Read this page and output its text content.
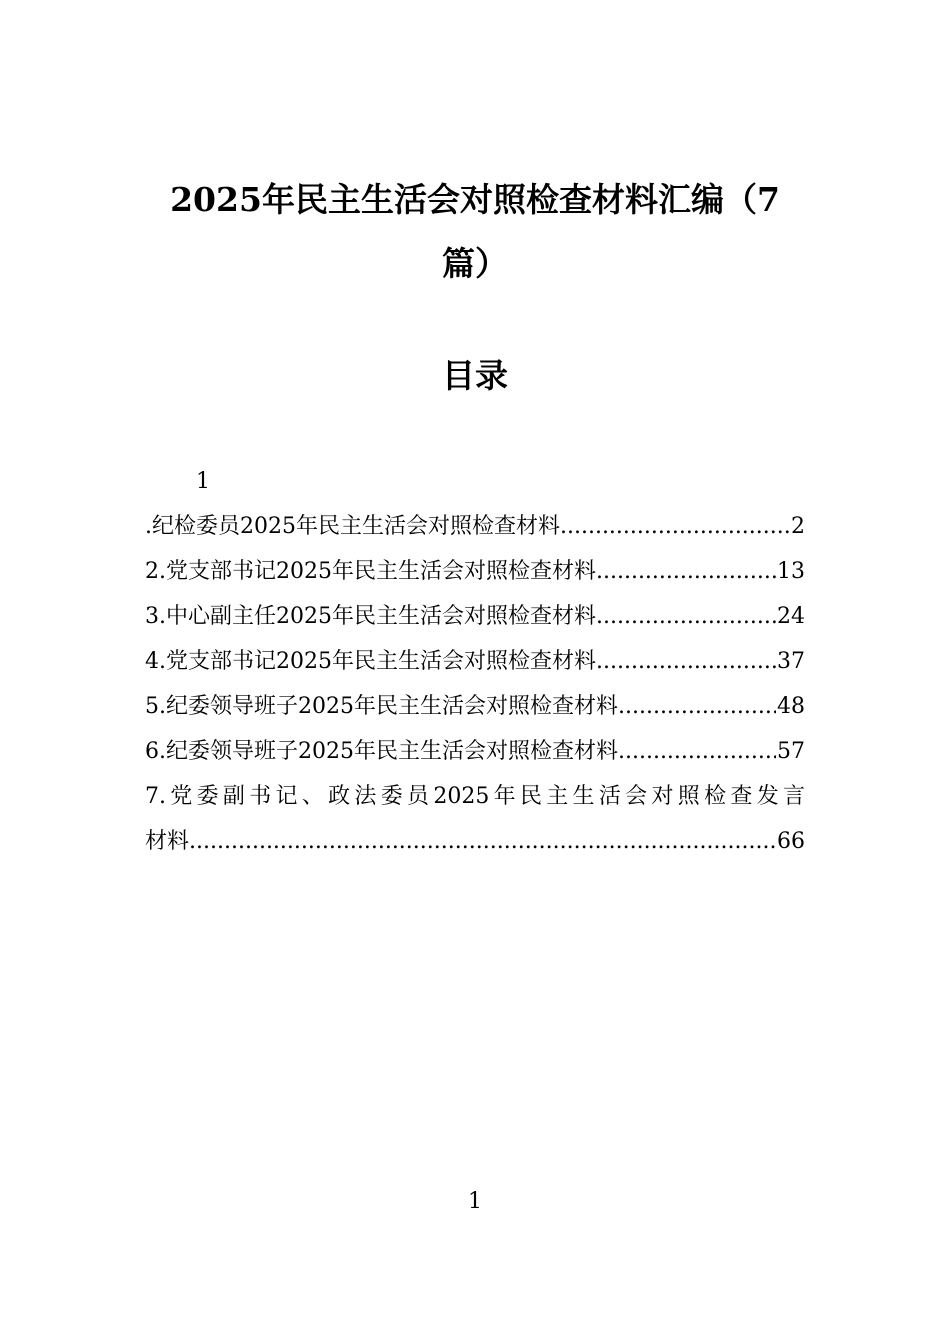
2025年民主生活会对照检查材料汇编（7
篇）
目录
1
.纪检委员2025年民主生活会对照检查材料 .....	2
2.党支部书记2025年民主生活会对照检查材料 .....	13
3.中心副主任2025年民主生活会对照检查材料 .....	24
4.党支部书记2025年民主生活会对照检查材料 .....	37
5.纪委领导班子2025年民主生活会对照检查材料 .....	48
6.纪委领导班子2025年民主生活会对照检查材料 .....	57
7.党委副书记、政法委员2025年民主生活会对照检查发言
材料 .....	66
1
